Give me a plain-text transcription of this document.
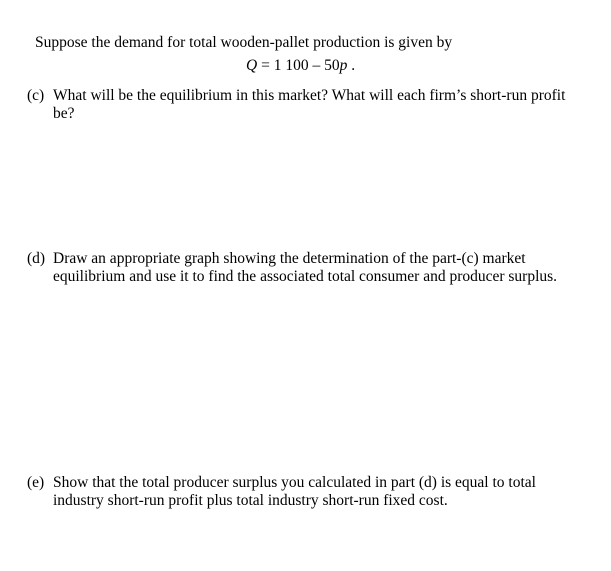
Suppose the demand for total wooden-pallet production is given by
Q = 1 100 – 50p .
(c) What will be the equilibrium in this market? What will each firm’s short-run profit
be?
(d) Draw an appropriate graph showing the determination of the part-(c) market
equilibrium and use it to find the associated total consumer and producer surplus.
(e) Show that the total producer surplus you calculated in part (d) is equal to total
industry short-run profit plus total industry short-run fixed cost.
